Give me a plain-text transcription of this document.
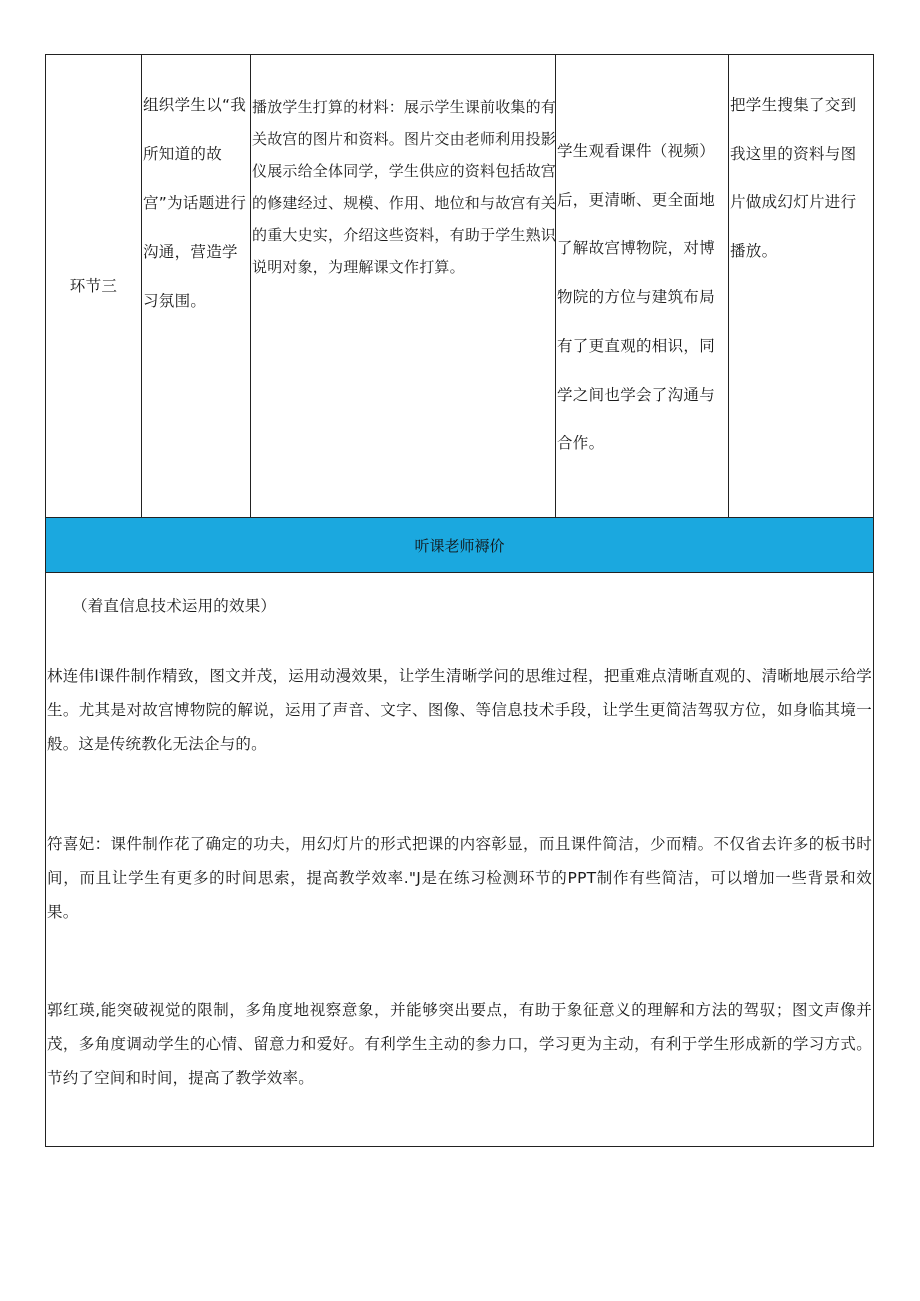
环节三
组织学生以“我所知道的故宫”为话题进行沟通，营造学习氛围。
播放学生打算的材料：展示学生课前收集的有关故宫的图片和资料。图片交由老师利用投影仪展示给全体同学，学生供应的资料包括故宫的修建经过、规模、作用、地位和与故宫有关的重大史实，介绍这些资料，有助于学生熟识说明对象，为理解课文作打算。
学生观看课件（视频）后，更清晰、更全面地了解故宫博物院，对博物院的方位与建筑布局有了更直观的相识，同学之间也学会了沟通与合作。
把学生搜集了交到我这里的资料与图片做成幻灯片进行播放。
听课老师褥价
（着直信息技术运用的效果）
林连伟l课件制作精致，图文并茂，运用动漫效果，让学生清晰学问的思维过程，把重难点清晰直观的、清晰地展示给学生。尤其是对故宫博物院的解说，运用了声音、文字、图像、等信息技术手段，让学生更简洁驾驭方位，如身临其境一般。这是传统教化无法企与的。
符喜妃：课件制作花了确定的功夫，用幻灯片的形式把课的内容彰显，而且课件简洁，少而精。不仅省去许多的板书时间，而且让学生有更多的时间思索，提高教学效率."J是在练习检测环节的PPT制作有些简洁，可以增加一些背景和效果。
郭红瑛,能突破视觉的限制，多角度地视察意象，并能够突出要点，有助于象征意义的理解和方法的驾驭；图文声像并茂，多角度调动学生的心情、留意力和爱好。有利学生主动的参力口，学习更为主动，有利于学生形成新的学习方式。节约了空间和时间，提高了教学效率。
